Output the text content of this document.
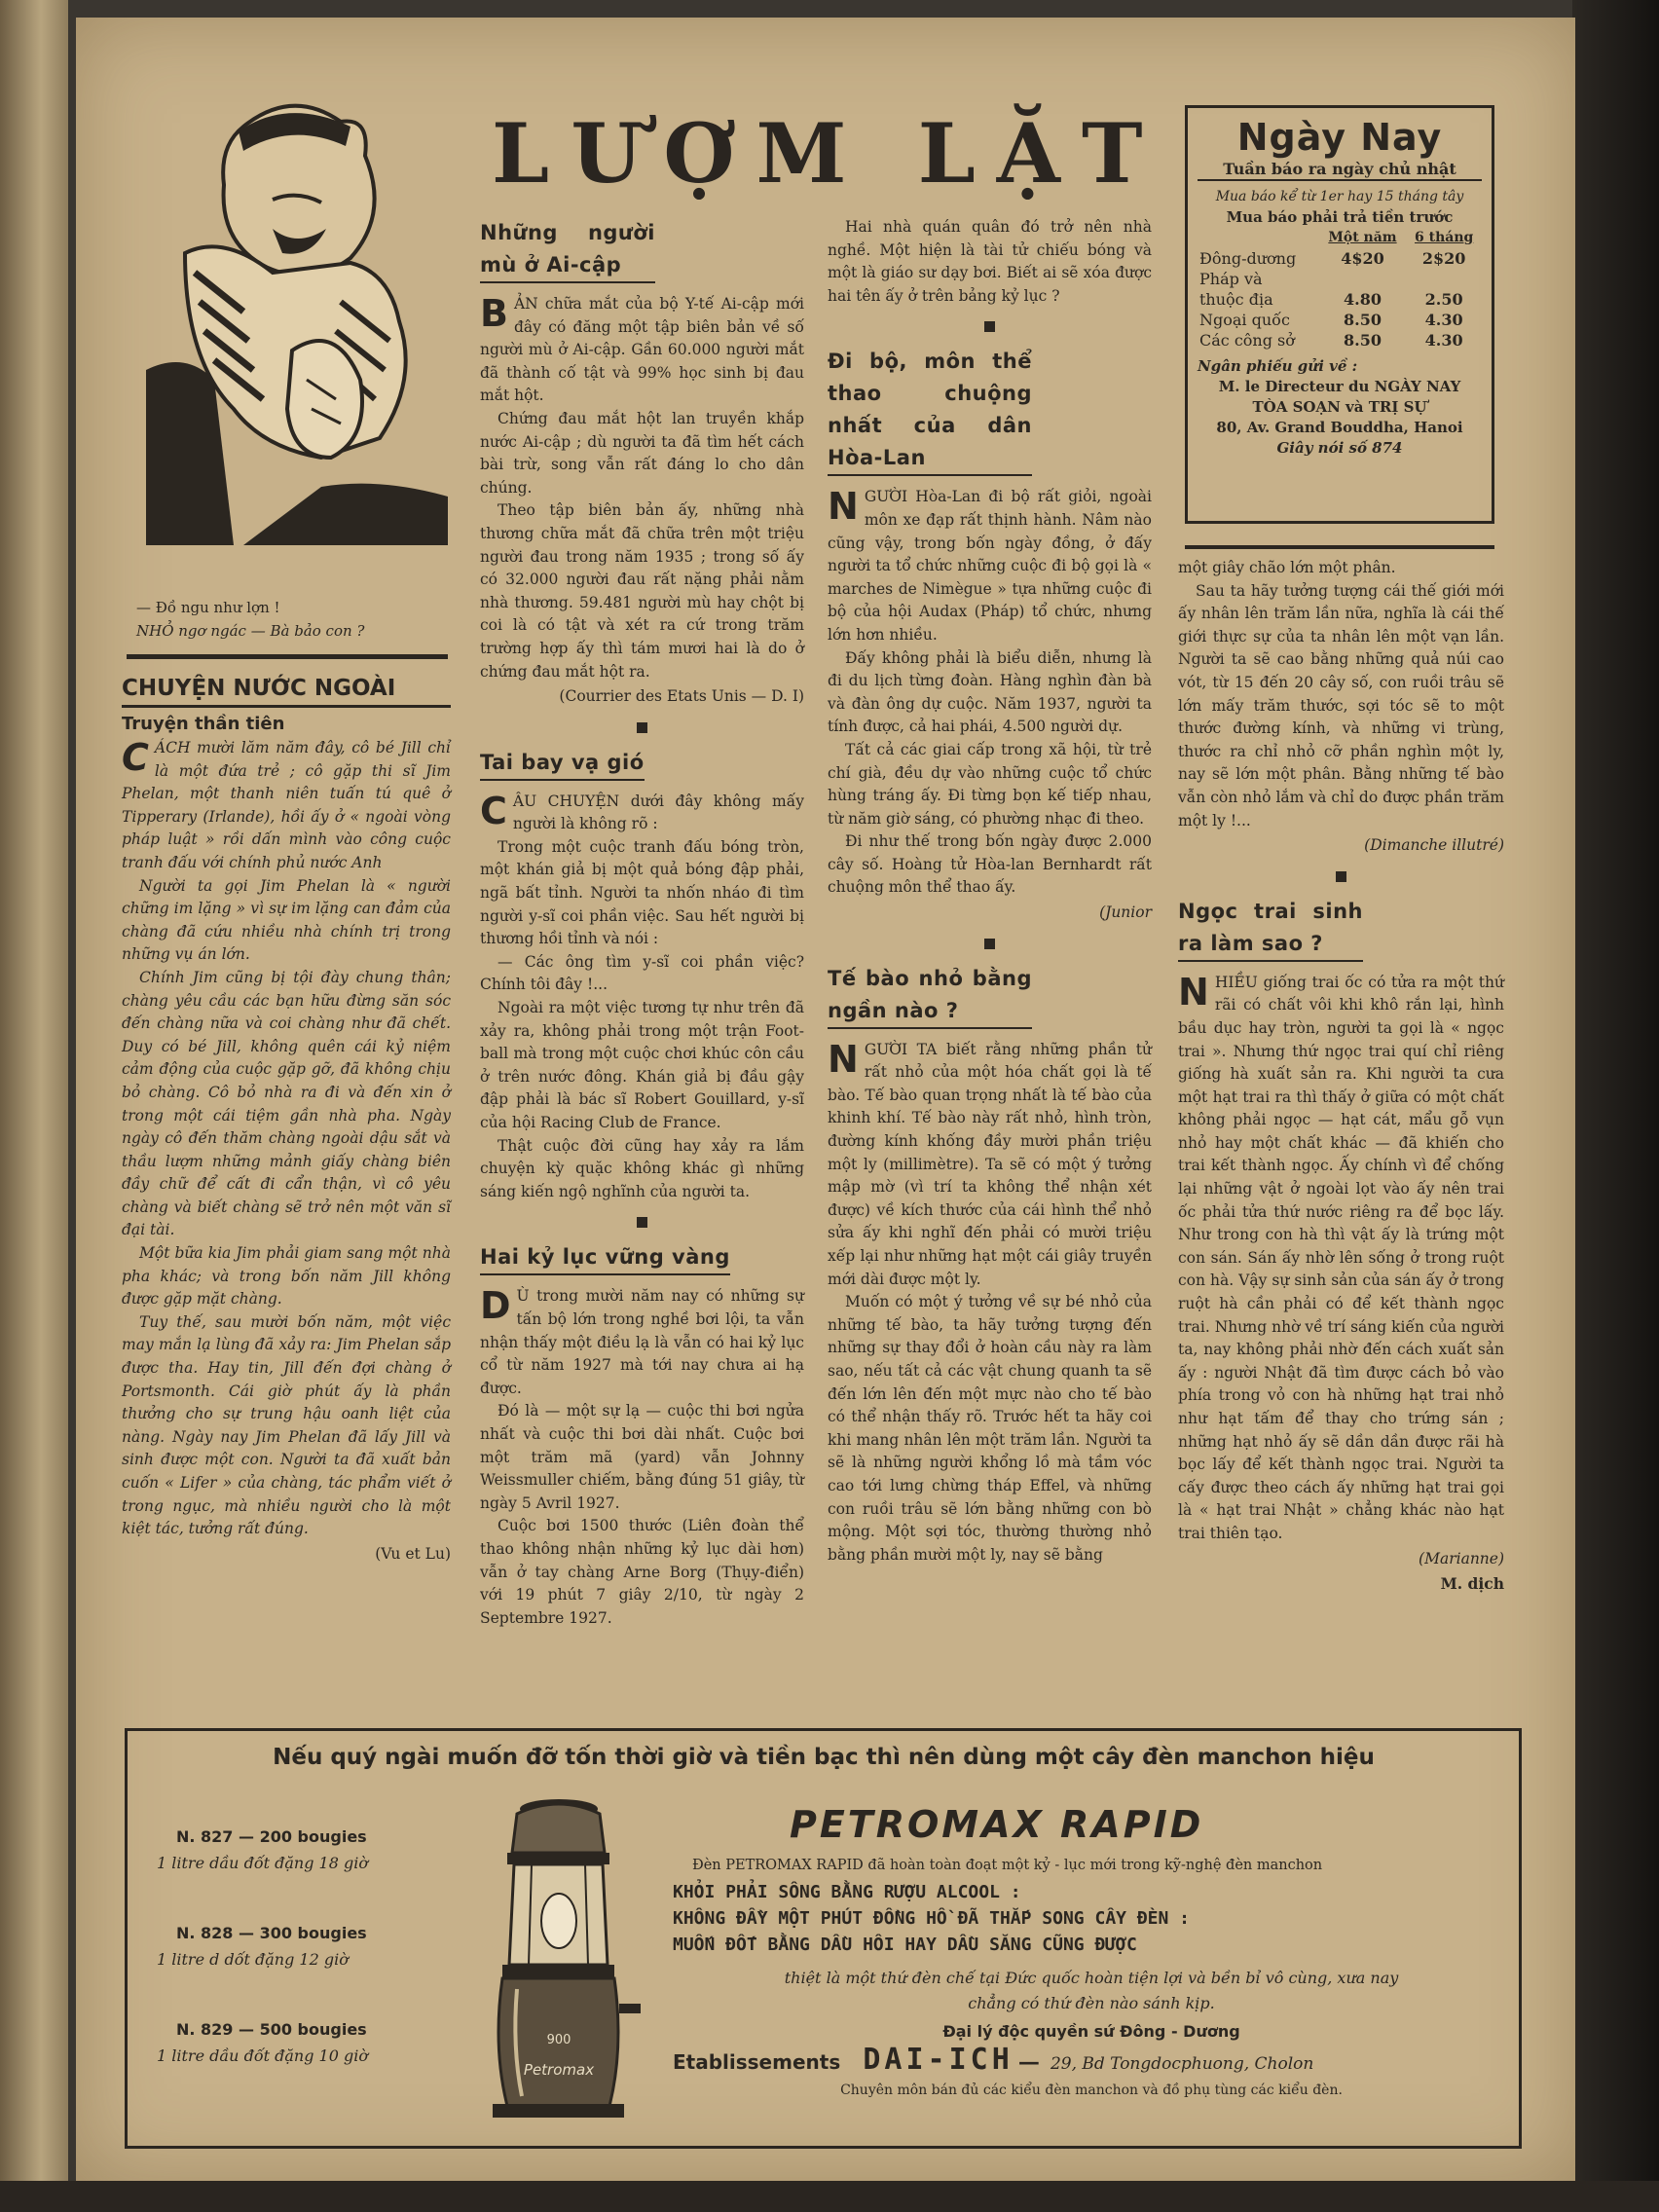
— Đồ ngu như lợn !
NHỎ ngơ ngác — Bà bảo con ?
CHUYỆN NƯỚC NGOÀI
Truyện thần tiên

CÁCH mười lăm năm đây, cô bé Jill chỉ là một đứa trẻ ; cô gặp thi sĩ Jim Phelan, một thanh niên tuấn tú quê ở Tipperary (Irlande), hồi ấy ở « ngoài vòng pháp luật » rồi dấn mình vào công cuộc tranh đấu với chính phủ nước Anh

Người ta gọi Jim Phelan là « người chững im lặng » vì sự im lặng can đảm của chàng đã cứu nhiều nhà chính trị trong những vụ án lớn.

Chính Jim cũng bị tội đày chung thân; chàng yêu cầu các bạn hữu đừng săn sóc đến chàng nữa và coi chàng như đã chết. Duy có bé Jill, không quên cái kỷ niệm cảm động của cuộc gặp gỡ, đã không chịu bỏ chàng. Cô bỏ nhà ra đi và đến xin ở trong một cái tiệm gần nhà pha. Ngày ngày cô đến thăm chàng ngoài dậu sắt và thầu lượm những mảnh giấy chàng biên đầy chữ để cất đi cẩn thận, vì cô yêu chàng và biết chàng sẽ trở nên một văn sĩ đại tài.

Một bữa kia Jim phải giam sang một nhà pha khác; và trong bốn năm Jill không được gặp mặt chàng.

Tuy thế, sau mười bốn năm, một việc may mắn lạ lùng đã xảy ra: Jim Phelan sắp được tha. Hay tin, Jill đến đợi chàng ở Portsmonth. Cái giờ phút ấy là phần thưởng cho sự trung hậu oanh liệt của nàng. Ngày nay Jim Phelan đã lấy Jill và sinh được một con. Người ta đã xuất bản cuốn « Lifer » của chàng, tác phẩm viết ở trong ngục, mà nhiều người cho là một kiệt tác, tưởng rất đúng.

(Vu et Lu)

LƯỢM LẶT
Những người mù ở Ai-cập

BẢN chữa mắt của bộ Y-tế Ai-cập mới đây có đăng một tập biên bản về số người mù ở Ai-cập. Gần 60.000 người mắt đã thành cố tật và 99% học sinh bị đau mắt hột.

Chứng đau mắt hột lan truyền khắp nước Ai-cập ; dù người ta đã tìm hết cách bài trừ, song vẫn rất đáng lo cho dân chúng.

Theo tập biên bản ấy, những nhà thương chữa mắt đã chữa trên một triệu người đau trong năm 1935 ; trong số ấy có 32.000 người đau rất nặng phải nằm nhà thương. 59.481 người mù hay chột bị coi là có tật và xét ra cứ trong trăm trường hợp ấy thì tám mươi hai là do ở chứng đau mắt hột ra.

(Courrier des Etats Unis — D. I)

Tai bay vạ gió

CÂU CHUYỆN dưới đây không mấy người là không rõ :

Trong một cuộc tranh đấu bóng tròn, một khán giả bị một quả bóng đập phải, ngã bất tỉnh. Người ta nhốn nháo đi tìm người y-sĩ coi phần việc. Sau hết người bị thương hồi tỉnh và nói :

— Các ông tìm y-sĩ coi phần việc? Chính tôi đây !...

Ngoài ra một việc tương tự như trên đã xảy ra, không phải trong một trận Foot-ball mà trong một cuộc chơi khúc côn cầu ở trên nước đông. Khán giả bị đầu gậy đập phải là bác sĩ Robert Gouillard, y-sĩ của hội Racing Club de France.

Thật cuộc đời cũng hay xảy ra lắm chuyện kỳ quặc không khác gì những sáng kiến ngộ nghĩnh của người ta.

Hai kỷ lục vững vàng

D Ù trong mười năm nay có những sự tấn bộ lớn trong nghề bơi lội, ta vẫn nhận thấy một điều lạ là vẫn có hai kỷ lục cổ từ năm 1927 mà tới nay chưa ai hạ được.

Đó là — một sự lạ — cuộc thi bơi ngửa nhất và cuộc thi bơi dài nhất. Cuộc bơi một trăm mã (yard) vẫn Johnny Weissmuller chiếm, bằng đúng 51 giây, từ ngày 5 Avril 1927.

Cuộc bơi 1500 thước (Liên đoàn thể thao không nhận những kỷ lục dài hơn) vẫn ở tay chàng Arne Borg (Thụy-điển) với 19 phút 7 giây 2/10, từ ngày 2 Septembre 1927.

Hai nhà quán quân đó trở nên nhà nghề. Một hiện là tài tử chiếu bóng và một là giáo sư dạy bơi. Biết ai sẽ xóa được hai tên ấy ở trên bảng kỷ lục ?

Đi bộ, môn thể thao chuộng nhất của dân Hòa-Lan

NGƯỜI Hòa-Lan đi bộ rất giỏi, ngoài môn xe đạp rất thịnh hành. Nâm nào cũng vậy, trong bốn ngày đồng, ở đấy người ta tổ chức những cuộc đi bộ gọi là « marches de Nimègue » tựa những cuộc đi bộ của hội Audax (Pháp) tổ chức, nhưng lớn hơn nhiều.

Đấy không phải là biểu diễn, nhưng là đi du lịch từng đoàn. Hàng nghìn đàn bà và đàn ông dự cuộc. Năm 1937, người ta tính được, cả hai phái, 4.500 người dự.

Tất cả các giai cấp trong xã hội, từ trẻ chí già, đều dự vào những cuộc tổ chức hùng tráng ấy. Đi từng bọn kế tiếp nhau, từ năm giờ sáng, có phường nhạc đi theo.

Đi như thế trong bốn ngày được 2.000 cây số. Hoàng tử Hòa-lan Bernhardt rất chuộng môn thể thao ấy.

(Junior

Tế bào nhỏ bằng ngần nào ?

NGƯỜI TA biết rằng những phần tử rất nhỏ của một hóa chất gọi là tế bào. Tế bào quan trọng nhất là tế bào của khinh khí. Tế bào này rất nhỏ, hình tròn, đường kính khống đầy mười phần triệu một ly (millimètre). Ta sẽ có một ý tưởng mập mờ (vì trí ta không thể nhận xét được) về kích thước của cái hình thể nhỏ sửa ấy khi nghĩ đến phải có mười triệu xếp lại như những hạt một cái giây truyền mới dài được một ly.

Muốn có một ý tưởng về sự bé nhỏ của những tế bào, ta hãy tưởng tượng đến những sự thay đổi ở hoàn cầu này ra làm sao, nếu tất cả các vật chung quanh ta sẽ đến lớn lên đến một mực nào cho tế bào có thể nhận thấy rõ. Trước hết ta hãy coi khi mang nhân lên một trăm lần. Người ta sẽ là những người khổng lồ mà tầm vóc cao tới lưng chừng tháp Effel, và những con ruồi trâu sẽ lớn bằng những con bò mộng. Một sợi tóc, thường thường nhỏ bằng phần mười một ly, nay sẽ bằng

Ngày Nay
Tuần báo ra ngày chủ nhật
Mua báo kể từ 1er hay 15 tháng tây
Mua báo phải trả tiền trước
	Một năm	6 tháng
Đông-dương	4$20	2$20
Pháp và		
thuộc địa	4.80	2.50
Ngoại quốc	8.50	4.30
Các công sở	8.50	4.30
Ngân phiếu gửi về :
M. le Directeur du NGÀY NAY
TÒA SOẠN và TRỊ SỰ
80, Av. Grand Bouddha, Hanoi
Giây nói số 874

một giây chão lớn một phân.

Sau ta hãy tưởng tượng cái thế giới mới ấy nhân lên trăm lần nữa, nghĩa là cái thế giới thực sự của ta nhân lên một vạn lần. Người ta sẽ cao bằng những quả núi cao vót, từ 15 đến 20 cây số, con ruồi trâu sẽ lớn mấy trăm thước, sợi tóc sẽ to một thước đường kính, và những vi trùng, thước ra chỉ nhỏ cỡ phần nghìn một ly, nay sẽ lớn một phân. Bằng những tế bào vẫn còn nhỏ lắm và chỉ do được phần trăm một ly !...

(Dimanche illutré)

Ngọc trai sinh ra làm sao ?

NHIỀU giống trai ốc có tửa ra một thứ rãi có chất vôi khi khô rắn lại, hình bầu dục hay tròn, người ta gọi là « ngọc trai ». Nhưng thứ ngọc trai quí chỉ riêng giống hà xuất sản ra. Khi người ta cưa một hạt trai ra thì thấy ở giữa có một chất không phải ngọc — hạt cát, mẩu gỗ vụn nhỏ hay một chất khác — đã khiến cho trai kết thành ngọc. Ấy chính vì để chống lại những vật ở ngoài lọt vào ấy nên trai ốc phải tửa thứ nước riêng ra để bọc lấy. Như trong con hà thì vật ấy là trứng một con sán. Sán ấy nhờ lên sống ở trong ruột con hà. Vậy sự sinh sản của sán ấy ở trong ruột hà cần phải có để kết thành ngọc trai. Nhưng nhờ về trí sáng kiến của người ta, nay không phải nhờ đến cách xuất sản ấy : người Nhật đã tìm được cách bỏ vào phía trong vỏ con hà những hạt trai nhỏ như hạt tấm để thay cho trứng sán ; những hạt nhỏ ấy sẽ dần dần được rãi hà bọc lấy để kết thành ngọc trai. Người ta cấy được theo cách ấy những hạt trai gọi là « hạt trai Nhật » chẳng khác nào hạt trai thiên tạo.

(Marianne)

M. dịch

Nếu quý ngài muốn đỡ tốn thời giờ và tiền bạc thì nên dùng một cây đèn manchon hiệu
N. 827 — 200 bougies
1 litre dầu đốt đặng 18 giờ
N. 828 — 300 bougies
1 litre d dốt đặng 12 giờ
N. 829 — 500 bougies
1 litre dầu đốt đặng 10 giờ
900
Petromax
PETROMAX RAPID
Đèn PETROMAX RAPID đã hoàn toàn đoạt một kỷ - lục mới trong kỹ-nghệ đèn manchon
KHỎI PHẢI SÔNG BẰNG RƯỢU ALCOOL :
KHÔNG ĐẦY MỘT PHÚT ĐỒNG HỒ ĐÃ THẮP SONG CÂY ĐÈN :
MUỐN ĐỐT BẰNG DẦU HÔI HAY DẦU SĂNG CŨNG ĐƯỢC
thiệt là một thứ đèn chế tại Đức quốc hoàn tiện lợi và bền bỉ vô cùng, xưa nay
chẳng có thứ đèn nào sánh kịp.
Đại lý độc quyền sứ Đông - Dương
Etablissements DAI-ICH — 29, Bd Tongdocphuong, Cholon
Chuyên môn bán đủ các kiểu đèn manchon và đồ phụ tùng các kiểu đèn.
